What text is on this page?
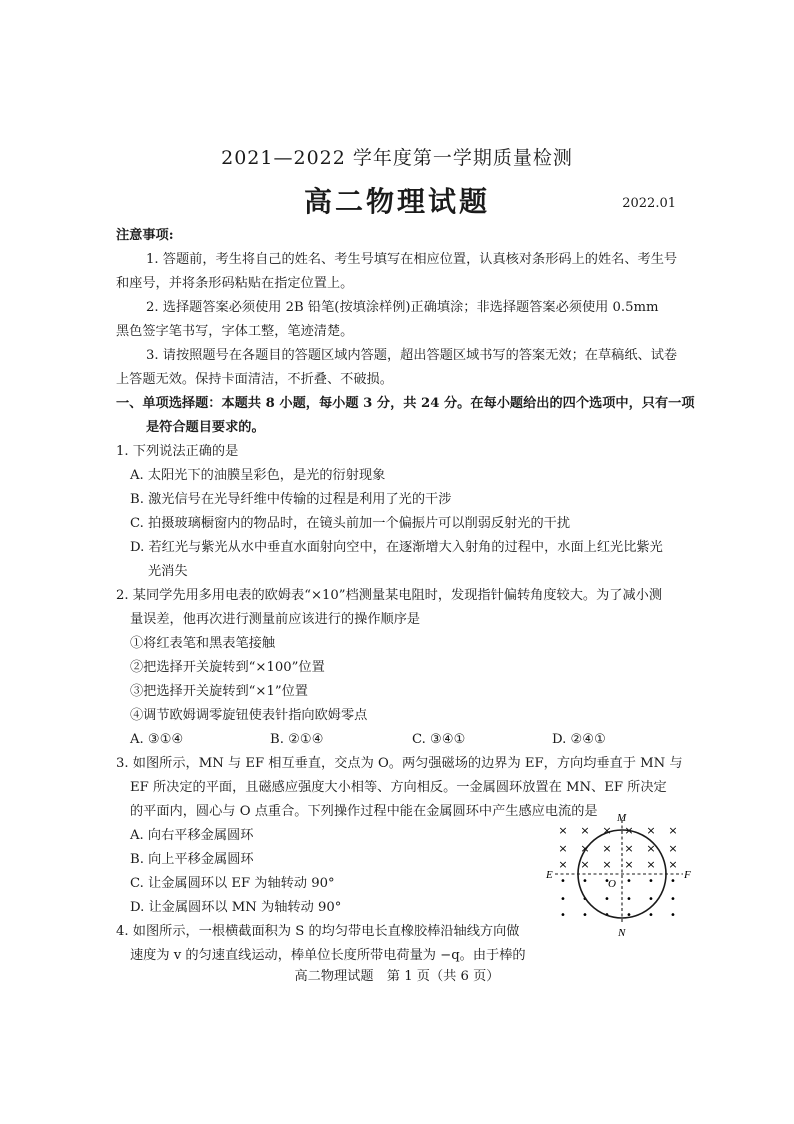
2021—2022 学年度第一学期质量检测
高二物理试题	2022.01
注意事项:
1. 答题前，考生将自己的姓名、考生号填写在相应位置，认真核对条形码上的姓名、考生号
和座号，并将条形码粘贴在指定位置上。
2. 选择题答案必须使用 2B 铅笔(按填涂样例)正确填涂；非选择题答案必须使用 0.5mm
黑色签字笔书写，字体工整，笔迹清楚。
3. 请按照题号在各题目的答题区域内答题，超出答题区域书写的答案无效；在草稿纸、试卷
上答题无效。保持卡面清洁，不折叠、不破损。
一、单项选择题：本题共 8 小题，每小题 3 分，共 24 分。在每小题给出的四个选项中，只有一项
是符合题目要求的。
1. 下列说法正确的是
A. 太阳光下的油膜呈彩色，是光的衍射现象
B. 激光信号在光导纤维中传输的过程是利用了光的干涉
C. 拍摄玻璃橱窗内的物品时，在镜头前加一个偏振片可以削弱反射光的干扰
D. 若红光与紫光从水中垂直水面射向空中，在逐渐增大入射角的过程中，水面上红光比紫光
光消失
2. 某同学先用多用电表的欧姆表“×10”档测量某电阻时，发现指针偏转角度较大。为了减小测
量误差，他再次进行测量前应该进行的操作顺序是
①将红表笔和黑表笔接触
②把选择开关旋转到“×100”位置
③把选择开关旋转到“×1”位置
④调节欧姆调零旋钮使表针指向欧姆零点
A. ③①④	B. ②①④	C. ③④①	D. ②④①
3. 如图所示，MN 与 EF 相互垂直，交点为 O。两匀强磁场的边界为 EF，方向均垂直于 MN 与
EF 所决定的平面，且磁感应强度大小相等、方向相反。一金属圆环放置在 MN、EF 所决定
的平面内，圆心与 O 点重合。下列操作过程中能在金属圆环中产生感应电流的是
A. 向右平移金属圆环
B. 向上平移金属圆环
C. 让金属圆环以 EF 为轴转动 90°
D. 让金属圆环以 MN 为轴转动 90°
4. 如图所示，一根横截面积为 S 的均匀带电长直橡胶棒沿轴线方向做
速度为 v 的匀速直线运动，棒单位长度所带电荷量为 −q。由于棒的
× × × × × ×
× × × × × ×
× × × × × ×
• • • • • •
• • • • • •
• • • • • •
M
N
E	F
O
高二物理试题　第 1 页（共 6 页）
